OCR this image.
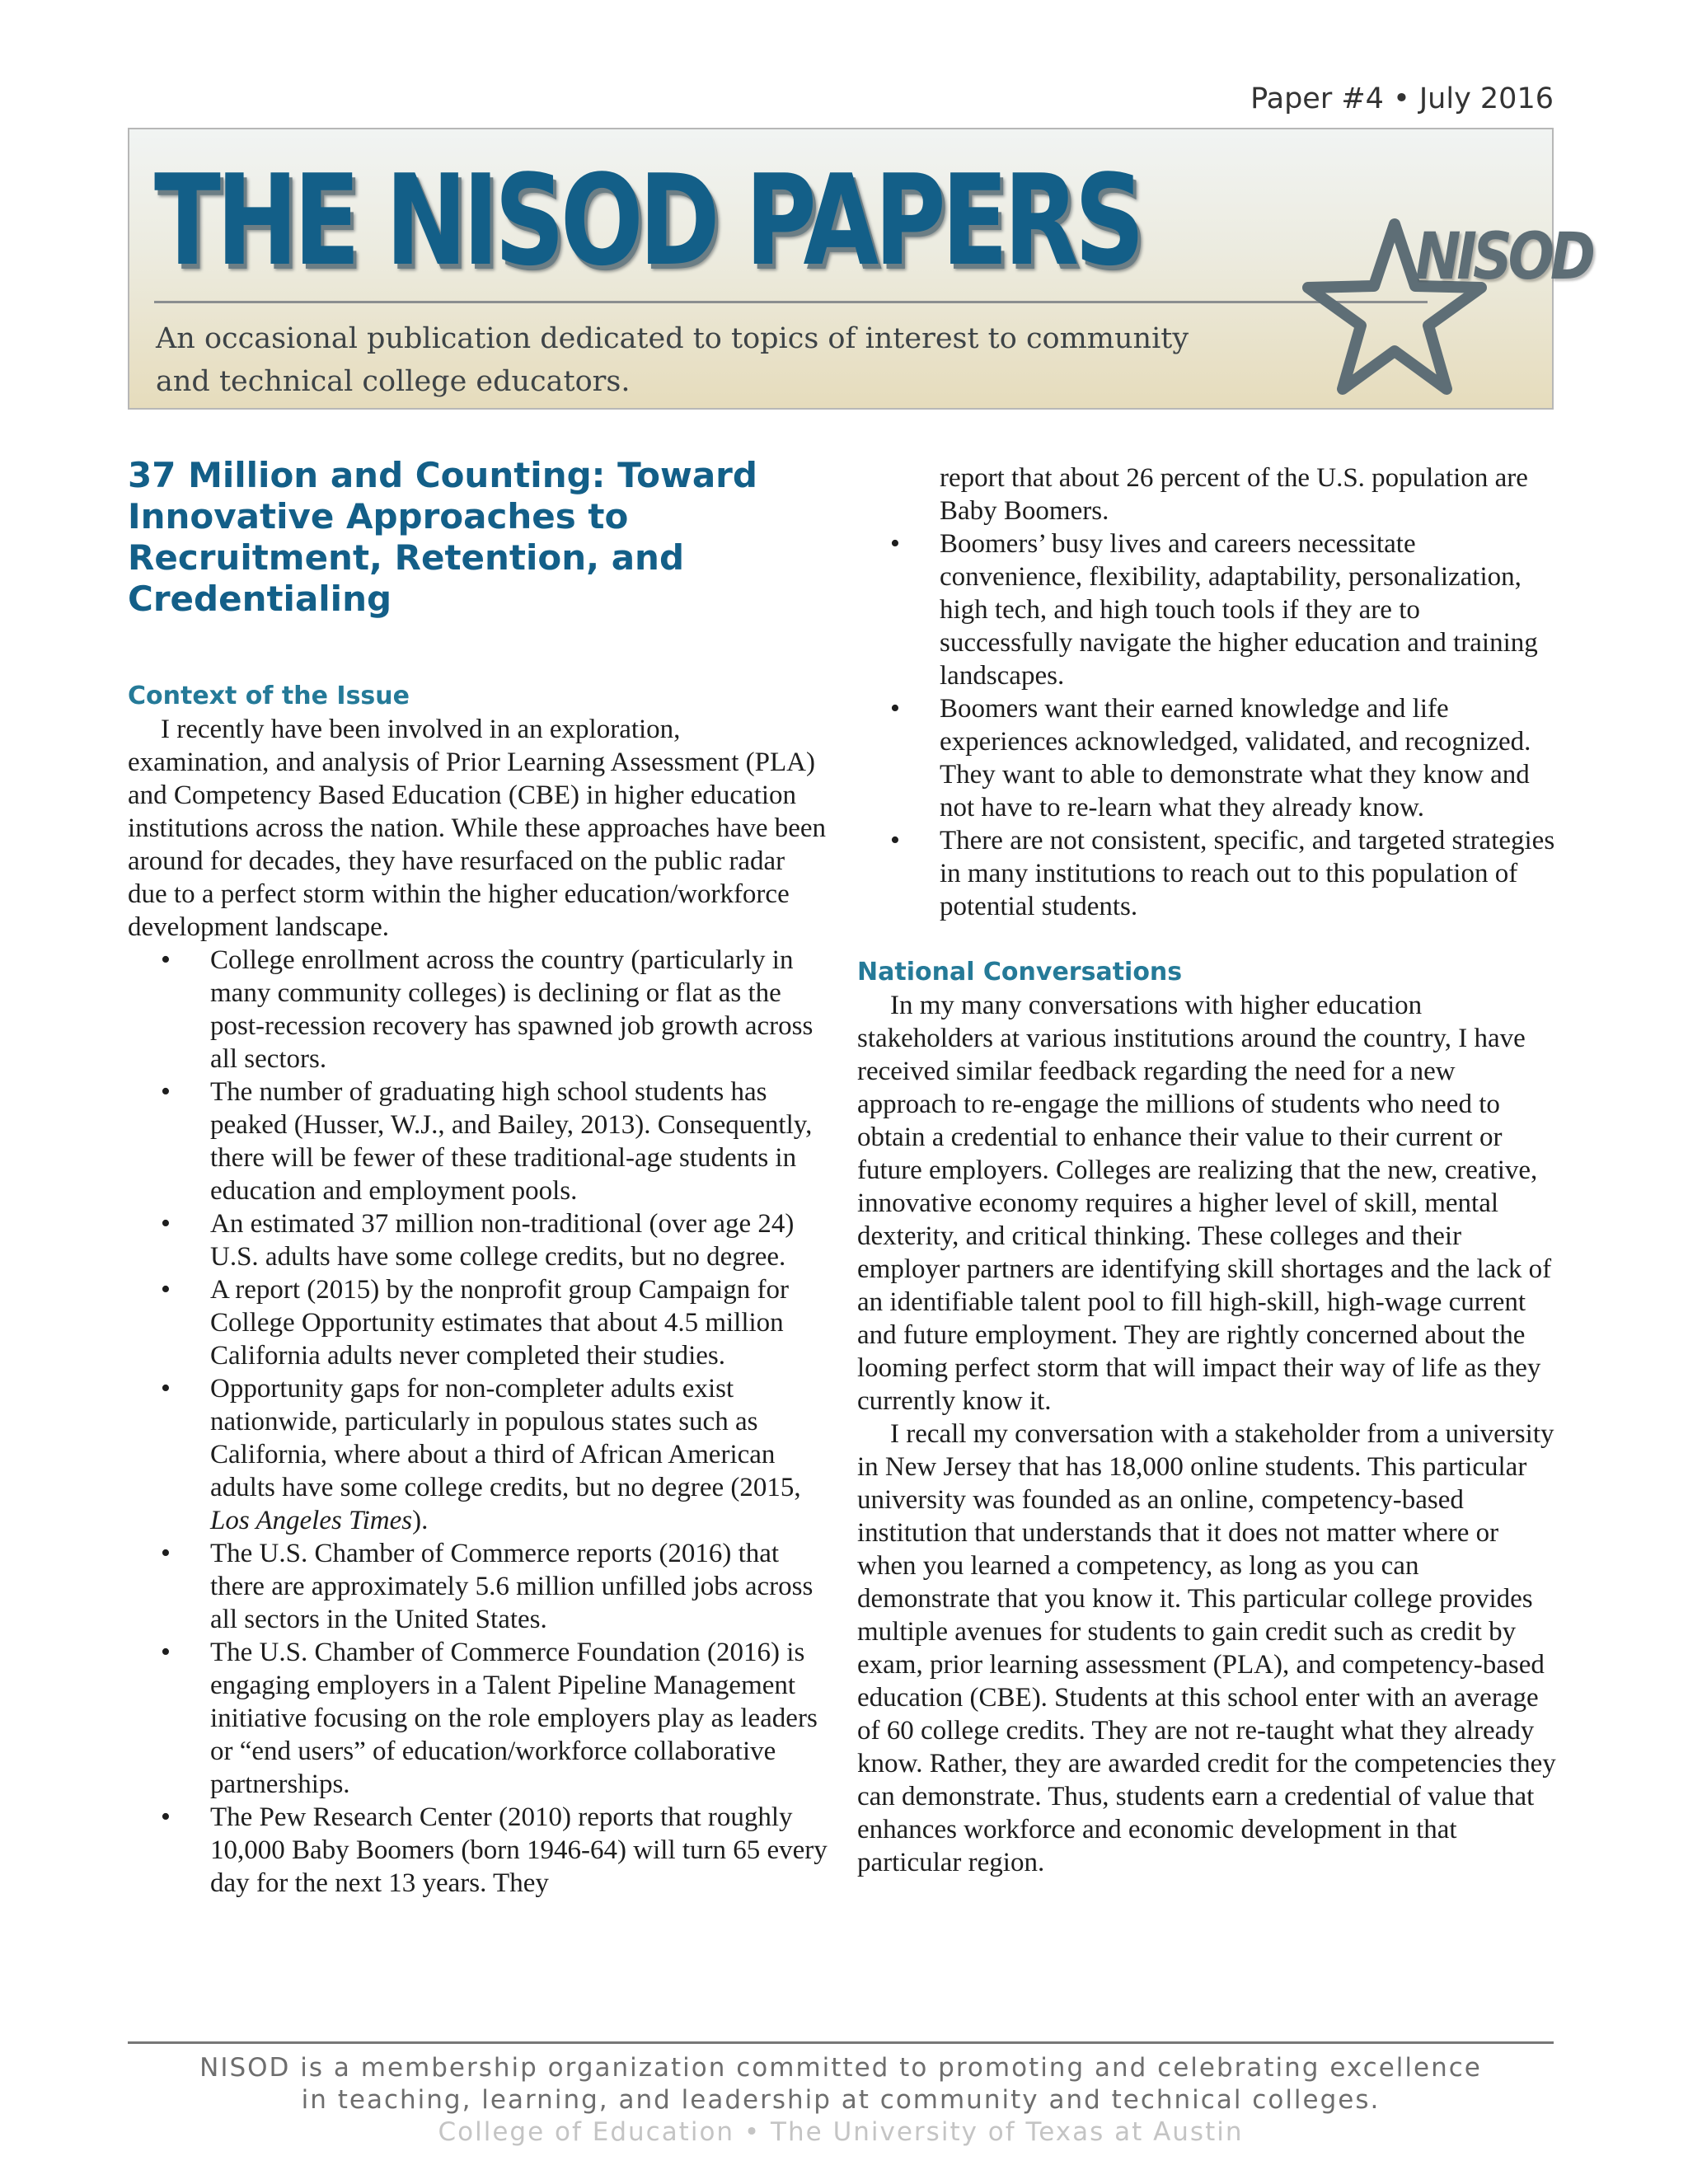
Paper #4 • July 2016
THE NISOD PAPERS
An occasional publication dedicated to topics of interest to community and technical college educators.
NISOD
37 Million and Counting: Toward Innovative Approaches to Recruitment, Retention, and Credentialing
Context of the Issue

I recently have been involved in an exploration, examination, and analysis of Prior Learning Assessment (PLA) and Competency Based Education (CBE) in higher education institutions across the nation. While these approaches have been around for decades, they have resurfaced on the public radar due to a perfect storm within the higher education/workforce development landscape.

• College enrollment across the country (particularly in many community colleges) is declining or flat as the post-recession recovery has spawned job growth across all sectors.
• The number of graduating high school students has peaked (Husser, W.J., and Bailey, 2013). Consequently, there will be fewer of these traditional-age students in education and employment pools.
• An estimated 37 million non-traditional (over age 24) U.S. adults have some college credits, but no degree.
• A report (2015) by the nonprofit group Campaign for College Opportunity estimates that about 4.5 million California adults never completed their studies.
• Opportunity gaps for non-completer adults exist nationwide, particularly in populous states such as California, where about a third of African American adults have some college credits, but no degree (2015, Los Angeles Times).
• The U.S. Chamber of Commerce reports (2016) that there are approximately 5.6 million unfilled jobs across all sectors in the United States.
• The U.S. Chamber of Commerce Foundation (2016) is engaging employers in a Talent Pipeline Management initiative focusing on the role employers play as leaders or “end users” of education/workforce collaborative partnerships.
• The Pew Research Center (2010) reports that roughly 10,000 Baby Boomers (born 1946-64) will turn 65 every day for the next 13 years. They

report that about 26 percent of the U.S. population are Baby Boomers.

• Boomers’ busy lives and careers necessitate convenience, flexibility, adaptability, personalization, high tech, and high touch tools if they are to successfully navigate the higher education and training landscapes.
• Boomers want their earned knowledge and life experiences acknowledged, validated, and recognized. They want to able to demonstrate what they know and not have to re-learn what they already know.
• There are not consistent, specific, and targeted strategies in many institutions to reach out to this population of potential students.
National Conversations

In my many conversations with higher education stakeholders at various institutions around the country, I have received similar feedback regarding the need for a new approach to re-engage the millions of students who need to obtain a credential to enhance their value to their current or future employers. Colleges are realizing that the new, creative, innovative economy requires a higher level of skill, mental dexterity, and critical thinking. These colleges and their employer partners are identifying skill shortages and the lack of an identifiable talent pool to fill high-skill, high-wage current and future employment. They are rightly concerned about the looming perfect storm that will impact their way of life as they currently know it.

I recall my conversation with a stakeholder from a university in New Jersey that has 18,000 online students. This particular university was founded as an online, competency-based institution that understands that it does not matter where or when you learned a competency, as long as you can demonstrate that you know it. This particular college provides multiple avenues for students to gain credit such as credit by exam, prior learning assessment (PLA), and competency-based education (CBE). Students at this school enter with an average of 60 college credits. They are not re-taught what they already know. Rather, they are awarded credit for the competencies they can demonstrate. Thus, students earn a credential of value that enhances workforce and economic development in that particular region.

NISOD is a membership organization committed to promoting and celebrating excellence
in teaching, learning, and leadership at community and technical colleges.
College of Education • The University of Texas at Austin
